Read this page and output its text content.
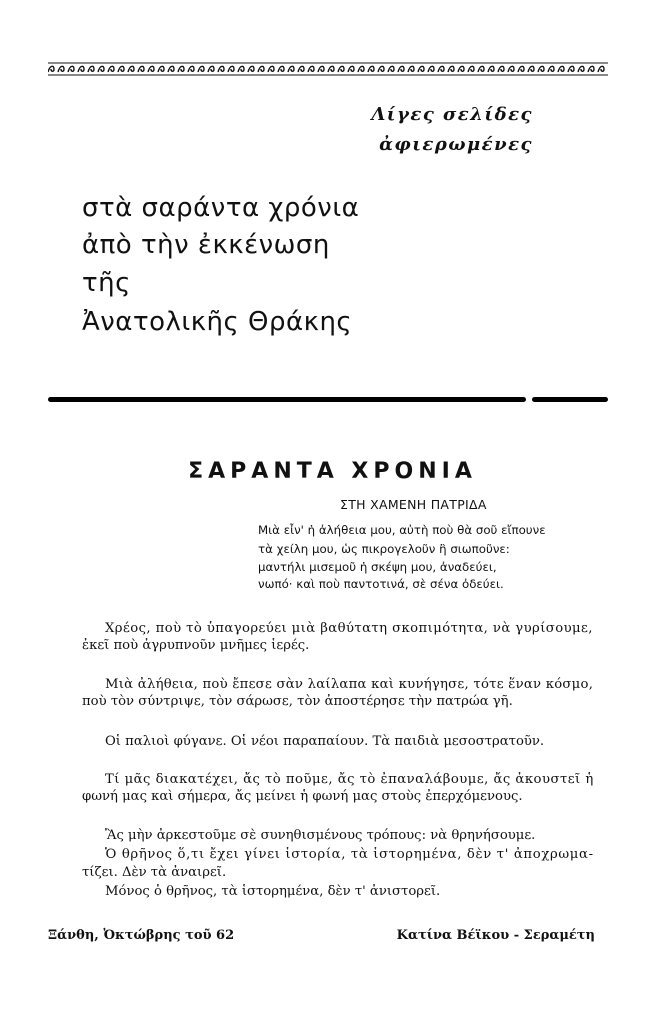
Λίγες σελίδες
ἀφιερωμένες
στὰ σαράντα χρόνια
ἀπὸ τὴν ἐκκένωση
τῆς
Ἀνατολικῆς Θράκης
ΣΑΡΑΝΤΑ ΧΡΟΝΙΑ
ΣΤΗ ΧΑΜΕΝΗ ΠΑΤΡΙΔΑ
Μιὰ εἶν' ἡ ἀλήθεια μου, αὐτὴ ποὺ θὰ σοῦ εἴπουνε
τὰ χείλη μου, ὡς πικρογελοῦν ἢ σιωποῦνε:
μαντήλι μισεμοῦ ἡ σκέψη μου, ἀναδεύει,
νωπό· καὶ ποὺ παντοτινά, σὲ σένα ὀδεύει.
Χρέος, ποὺ τὸ ὑπαγορεύει μιὰ βαθύτατη σκοπιμότητα, νὰ γυρίσουμε,
ἐκεῖ ποὺ ἀγρυπνοῦν μνῆμες ἱερές.
Μιὰ ἀλήθεια, ποὺ ἔπεσε σὰν λαίλαπα καὶ κυνήγησε, τότε ἕναν κόσμο,
ποὺ τὸν σύντριψε, τὸν σάρωσε, τὸν ἀποστέρησε τὴν πατρώα γῆ.
Οἱ παλιοὶ φύγανε. Οἱ νέοι παραπαίουν. Τὰ παιδιὰ μεσοστρατοῦν.
Τί μᾶς διακατέχει, ἄς τὸ ποῦμε, ἄς τὸ ἐπαναλάβουμε, ἄς ἀκουστεῖ ἡ
φωνή μας καὶ σήμερα, ἄς μείνει ἡ φωνή μας στοὺς ἐπερχόμενους.
Ἂς μὴν ἀρκεστοῦμε σὲ συνηθισμένους τρόπους: νὰ θρηνήσουμε.
Ὁ θρῆνος ὅ,τι ἔχει γίνει ἱστορία, τὰ ἱστορημένα, δὲν τ' ἀποχρωμα-
τίζει. Δὲν τὰ ἀναιρεῖ.
Μόνος ὁ θρῆνος, τὰ ἱστορημένα, δὲν τ' ἀνιστορεῖ.
Ξάνθη, Ὀκτώβρης τοῦ 62	Κατίνα Βέϊκου - Σεραμέτη
